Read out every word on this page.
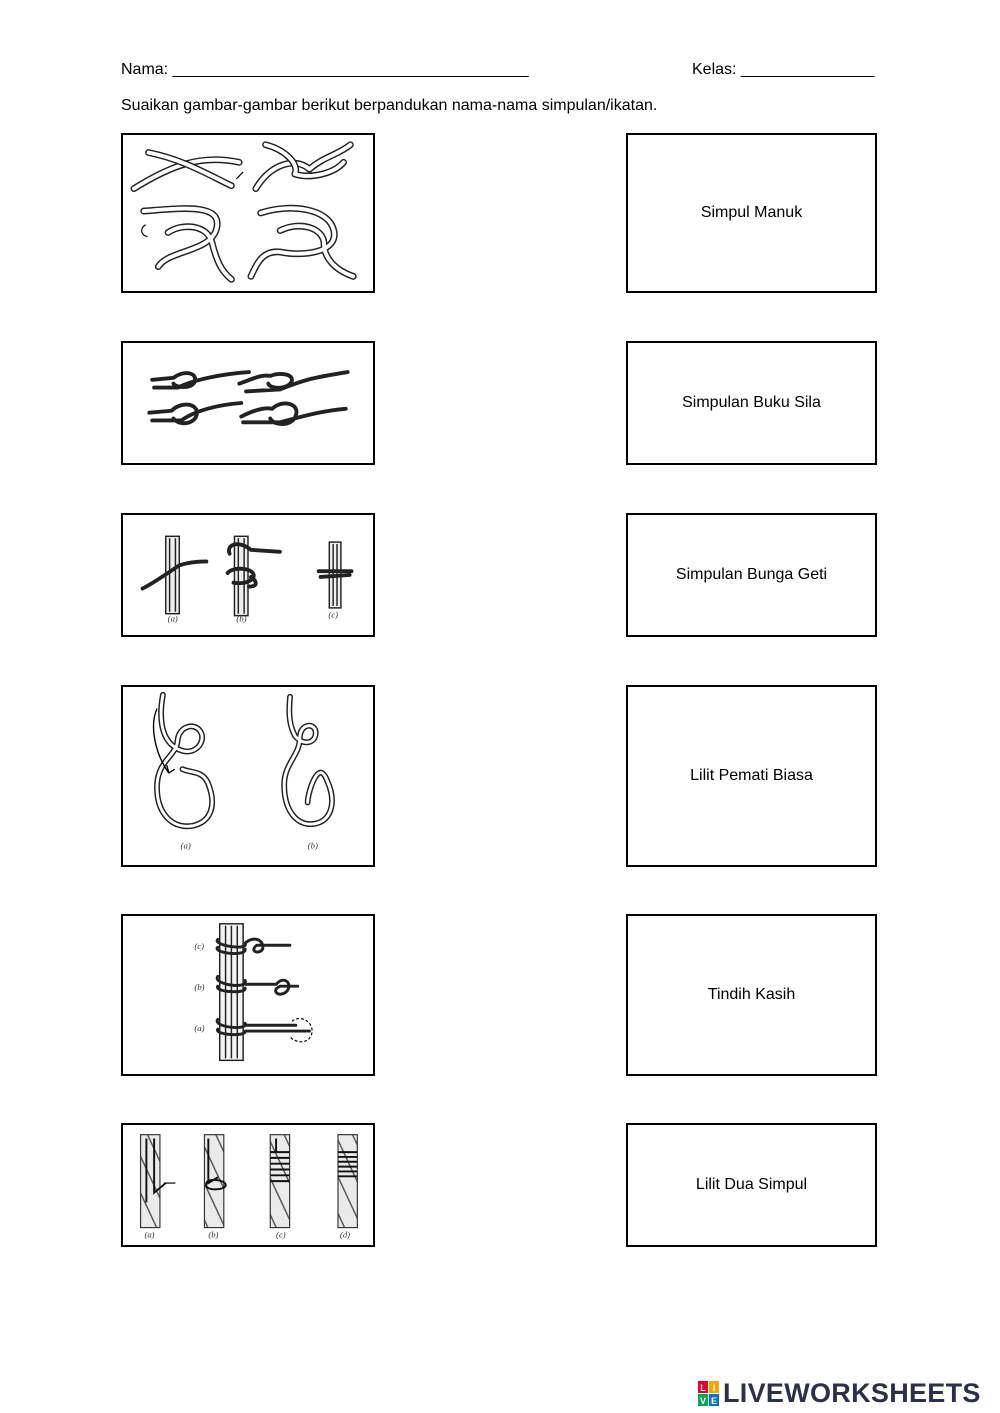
Nama: ________________________________________	Kelas: _______________
Suaikan gambar-gambar berikut berpandukan nama-nama simpulan/ikatan.
Simpul Manuk
Simpulan Buku Sila
(a)	(b)	(c)
Simpulan Bunga Geti
(a)	(b)
Lilit Pemati Biasa
(c)
(b)
(a)
Tindih Kasih
(a)	(b)	(c)	(d)
Lilit Dua Simpul
L I
V E LIVEWORKSHEETS
